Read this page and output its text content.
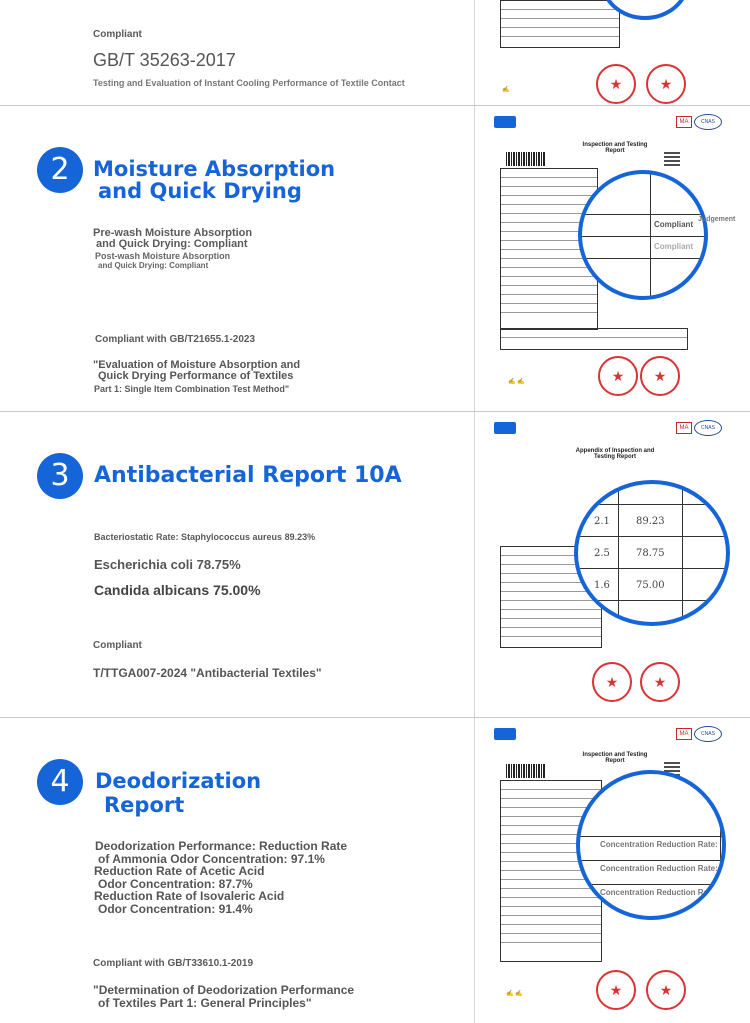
Compliant
GB/T 35263-2017
Testing and Evaluation of Instant Cooling Performance of Textile Contact
★
★
✍
2	Moisture Absorption
and Quick Drying
Pre-wash Moisture Absorption
and Quick Drying: Compliant
Post-wash Moisture Absorption
and Quick Drying: Compliant
Compliant with GB/T21655.1-2023
"Evaluation of Moisture Absorption and
Quick Drying Performance of Textiles
Part 1: Single Item Combination Test Method"
MA	CNAS
Inspection and Testing Report
Compliant
Compliant
Judgement
★
★
✍ ✍
3	Antibacterial Report 10A
Bacteriostatic Rate: Staphylococcus aureus 89.23%
Escherichia coli 78.75%
Candida albicans 75.00%
Compliant
T/TTGA007-2024 "Antibacterial Textiles"
MA	CNAS
Appendix of Inspection and Testing Report
2.1	89.23
2.5	78.75
1.6	75.00
★
★
4	Deodorization
Report
Deodorization Performance: Reduction Rate
of Ammonia Odor Concentration: 97.1%
Reduction Rate of Acetic Acid
Odor Concentration: 87.7%
Reduction Rate of Isovaleric Acid
Odor Concentration: 91.4%
Compliant with GB/T33610.1-2019
"Determination of Deodorization Performance
of Textiles Part 1: General Principles"
MA	CNAS
Inspection and Testing Report
Concentration Reduction Rate:
Concentration Reduction Rate:
Concentration Reduction Rate:
★
★
✍ ✍
